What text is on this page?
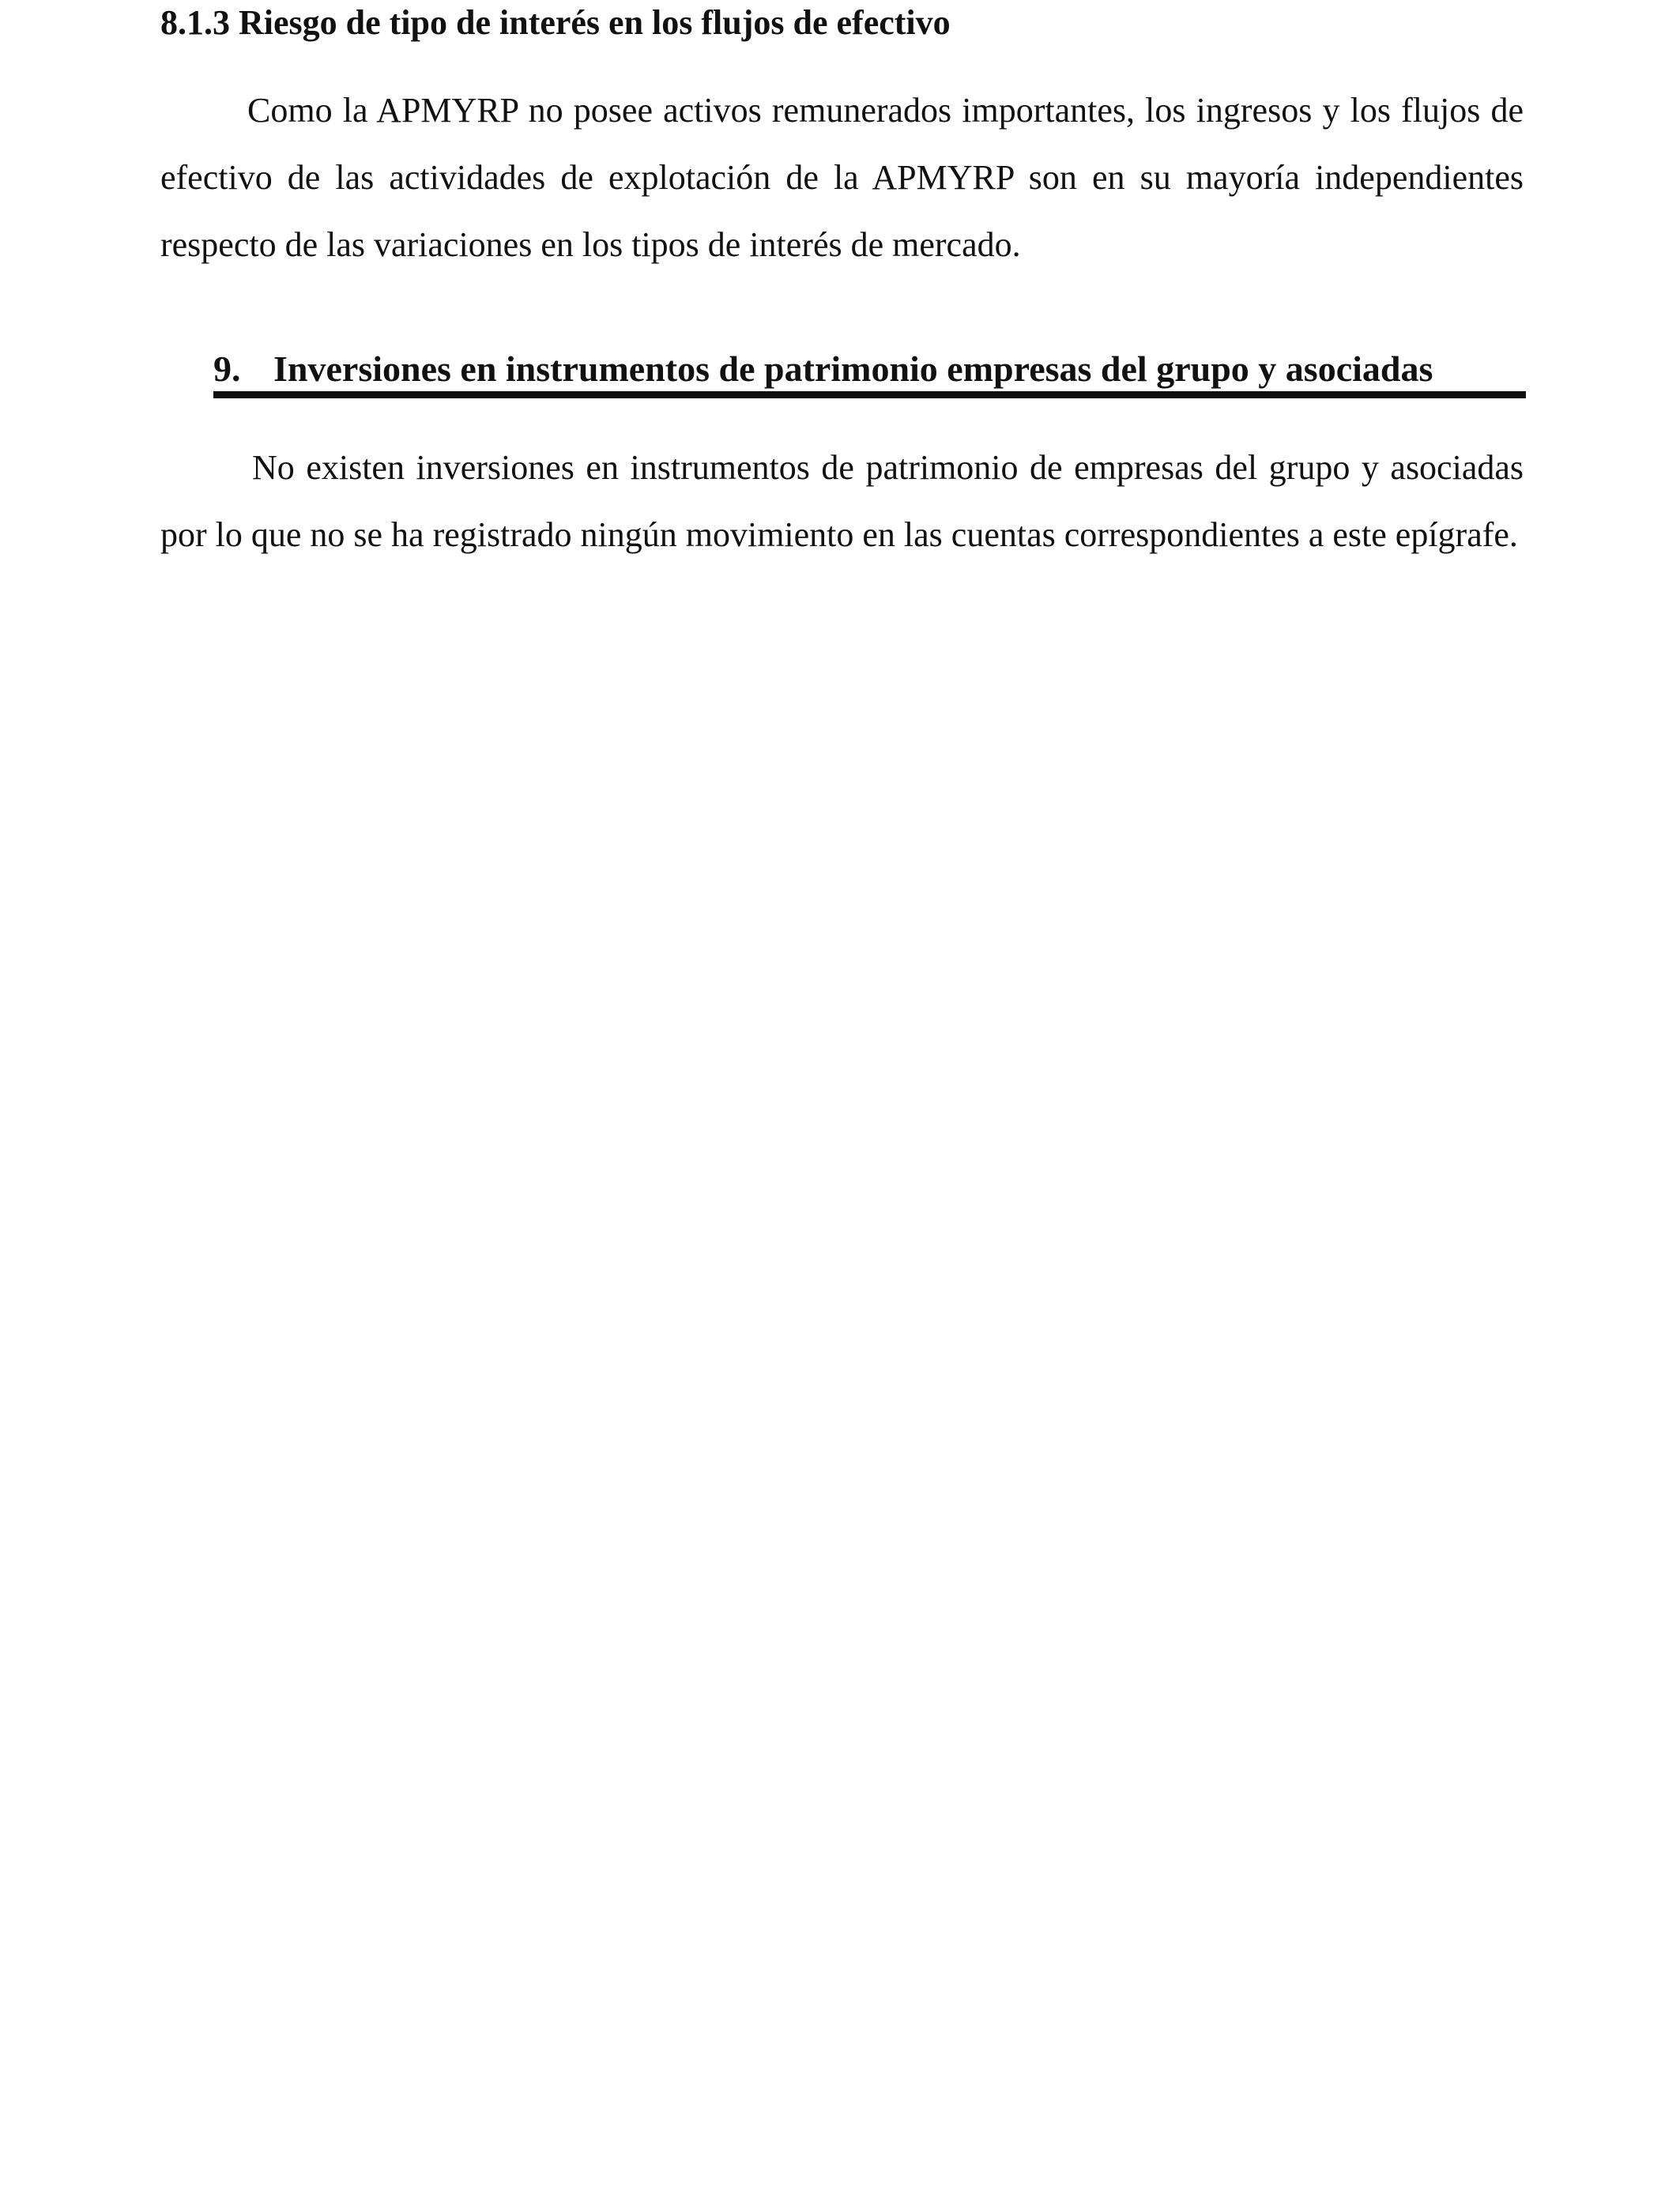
8.1.3 Riesgo de tipo de interés en los flujos de efectivo

Como la APMYRP no posee activos remunerados importantes, los ingresos y los flujos de efectivo de las actividades de explotación de la APMYRP son en su mayoría independientes respecto de las variaciones en los tipos de interés de mercado.

9. Inversiones en instrumentos de patrimonio empresas del grupo y asociadas

No existen inversiones en instrumentos de patrimonio de empresas del grupo y asociadas por lo que no se ha registrado ningún movimiento en las cuentas correspondientes a este epígrafe.
